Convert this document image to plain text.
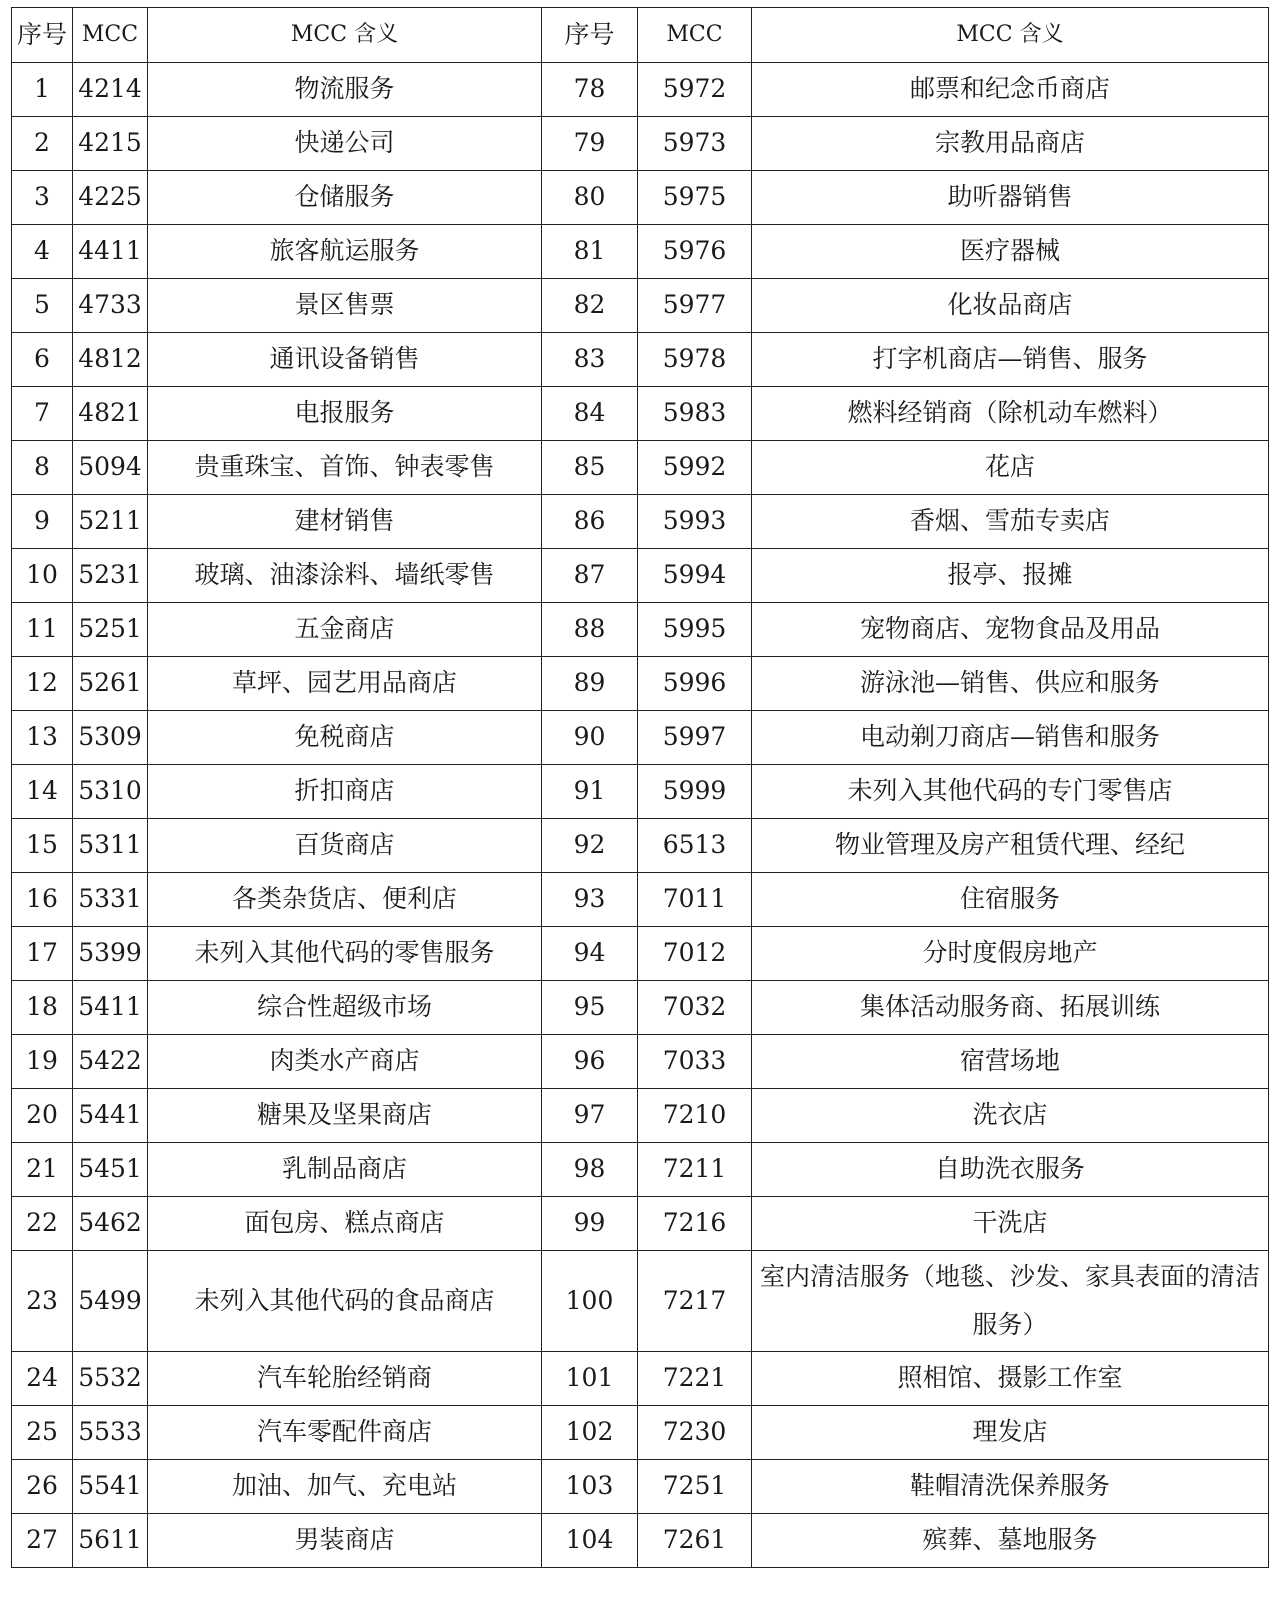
序号	MCC	MCC 含义	序号	MCC	MCC 含义
1	4214	物流服务	78	5972	邮票和纪念币商店
2	4215	快递公司	79	5973	宗教用品商店
3	4225	仓储服务	80	5975	助听器销售
4	4411	旅客航运服务	81	5976	医疗器械
5	4733	景区售票	82	5977	化妆品商店
6	4812	通讯设备销售	83	5978	打字机商店—销售、服务
7	4821	电报服务	84	5983	燃料经销商（除机动车燃料）
8	5094	贵重珠宝、首饰、钟表零售	85	5992	花店
9	5211	建材销售	86	5993	香烟、雪茄专卖店
10	5231	玻璃、油漆涂料、墙纸零售	87	5994	报亭、报摊
11	5251	五金商店	88	5995	宠物商店、宠物食品及用品
12	5261	草坪、园艺用品商店	89	5996	游泳池—销售、供应和服务
13	5309	免税商店	90	5997	电动剃刀商店—销售和服务
14	5310	折扣商店	91	5999	未列入其他代码的专门零售店
15	5311	百货商店	92	6513	物业管理及房产租赁代理、经纪
16	5331	各类杂货店、便利店	93	7011	住宿服务
17	5399	未列入其他代码的零售服务	94	7012	分时度假房地产
18	5411	综合性超级市场	95	7032	集体活动服务商、拓展训练
19	5422	肉类水产商店	96	7033	宿营场地
20	5441	糖果及坚果商店	97	7210	洗衣店
21	5451	乳制品商店	98	7211	自助洗衣服务
22	5462	面包房、糕点商店	99	7216	干洗店
23	5499	未列入其他代码的食品商店	100	7217	室内清洁服务（地毯、沙发、家具表面的清洁服务）
24	5532	汽车轮胎经销商	101	7221	照相馆、摄影工作室
25	5533	汽车零配件商店	102	7230	理发店
26	5541	加油、加气、充电站	103	7251	鞋帽清洗保养服务
27	5611	男装商店	104	7261	殡葬、墓地服务
